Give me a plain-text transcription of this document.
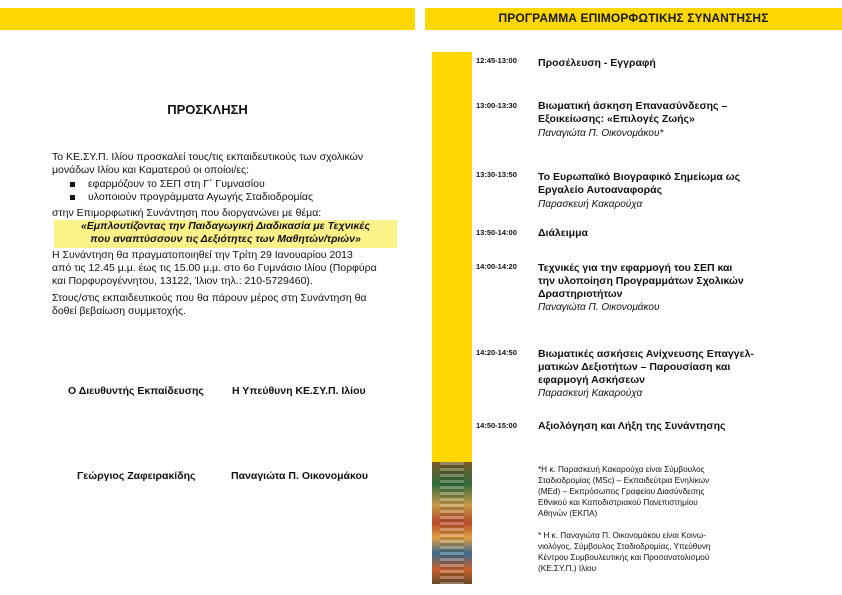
ΠΡΟΓΡΑΜΜΑ ΕΠΙΜΟΡΦΩΤΙΚΗΣ ΣΥΝΑΝΤΗΣΗΣ
ΠΡΟΣΚΛΗΣΗ
Το ΚΕ.ΣΥ.Π. Ιλίου προσκαλεί τους/τις εκπαιδευτικούς των σχολικών
μονάδων Ιλίου και Καματερού οι οποίοι/ες:
εφαρμόζουν το ΣΕΠ στη Γ΄ Γυμνασίου
υλοποιούν προγράμματα Αγωγής Σταδιοδρομίας
στην Επιμορφωτική Συνάντηση που διοργανώνει με θέμα:
«Εμπλουτίζοντας την Παιδαγωγική Διαδικασία με Τεχνικές
που αναπτύσσουν τις Δεξιότητες των Μαθητών/τριών»
Η Συνάντηση θα πραγματοποιηθεί την Τρίτη 29 Ιανουαρίου 2013
από τις 12.45 μ.μ. έως τις 15.00 μ.μ. στο 6ο Γυμνάσιο Ιλίου (Πορφύρα
και Πορφυρογέννητου, 13122, Ίλιον τηλ.: 210-5729460).
Στους/στις εκπαιδευτικούς που θα πάρουν μέρος στη Συνάντηση θα
δοθεί βεβαίωση συμμετοχής.
Ο Διευθυντής Εκπαίδευσης	Η Υπεύθυνη ΚΕ.ΣΥ.Π. Ιλίου
Γεώργιος Ζαφειρακίδης	Παναγιώτα Π. Οικονομάκου
12:45-13:00 Προσέλευση - Εγγραφή
13:00-13:30 Βιωματική άσκηση Επανασύνδεσης –
Εξοικείωσης: «Επιλογές Ζωής»
Παναγιώτα Π. Οικονομάκου*
13:30-13:50 Το Ευρωπαϊκό Βιογραφικό Σημείωμα ως
Εργαλείο Αυτοαναφοράς
Παρασκευή Κακαρούχα
13:50-14:00 Διάλειμμα
14:00-14:20 Τεχνικές για την εφαρμογή του ΣΕΠ και
την υλοποίηση Προγραμμάτων Σχολικών
Δραστηριοτήτων
Παναγιώτα Π. Οικονομάκου
14:20-14:50 Βιωματικές ασκήσεις Ανίχνευσης Επαγγελ-
ματικών Δεξιοτήτων – Παρουσίαση και
εφαρμογή Ασκήσεων
Παρασκευή Κακαρούχα
14:50-15:00 Αξιολόγηση και Λήξη της Συνάντησης
*Η κ. Παρασκευή Κακαρούχα είναι Σύμβουλος
Σταδιοδρομίας (MSc) – Εκπαιδεύτρια Ενηλίκων
(MEd) – Εκπρόσωπος Γραφείου Διασύνδεσης
Εθνικού και Καποδιστριακού Πανεπιστημίου
Αθηνών (ΕΚΠΑ)
* Η κ. Παναγιώτα Π. Οικονομάκου είναι Κοινω-
νιολόγος, Σύμβουλος Σταδιοδρομίας, Υπεύθυνη
Κέντρου Συμβουλευτικής και Προσανατολισμού
(ΚΕ.ΣΥ.Π.) Ιλίου
